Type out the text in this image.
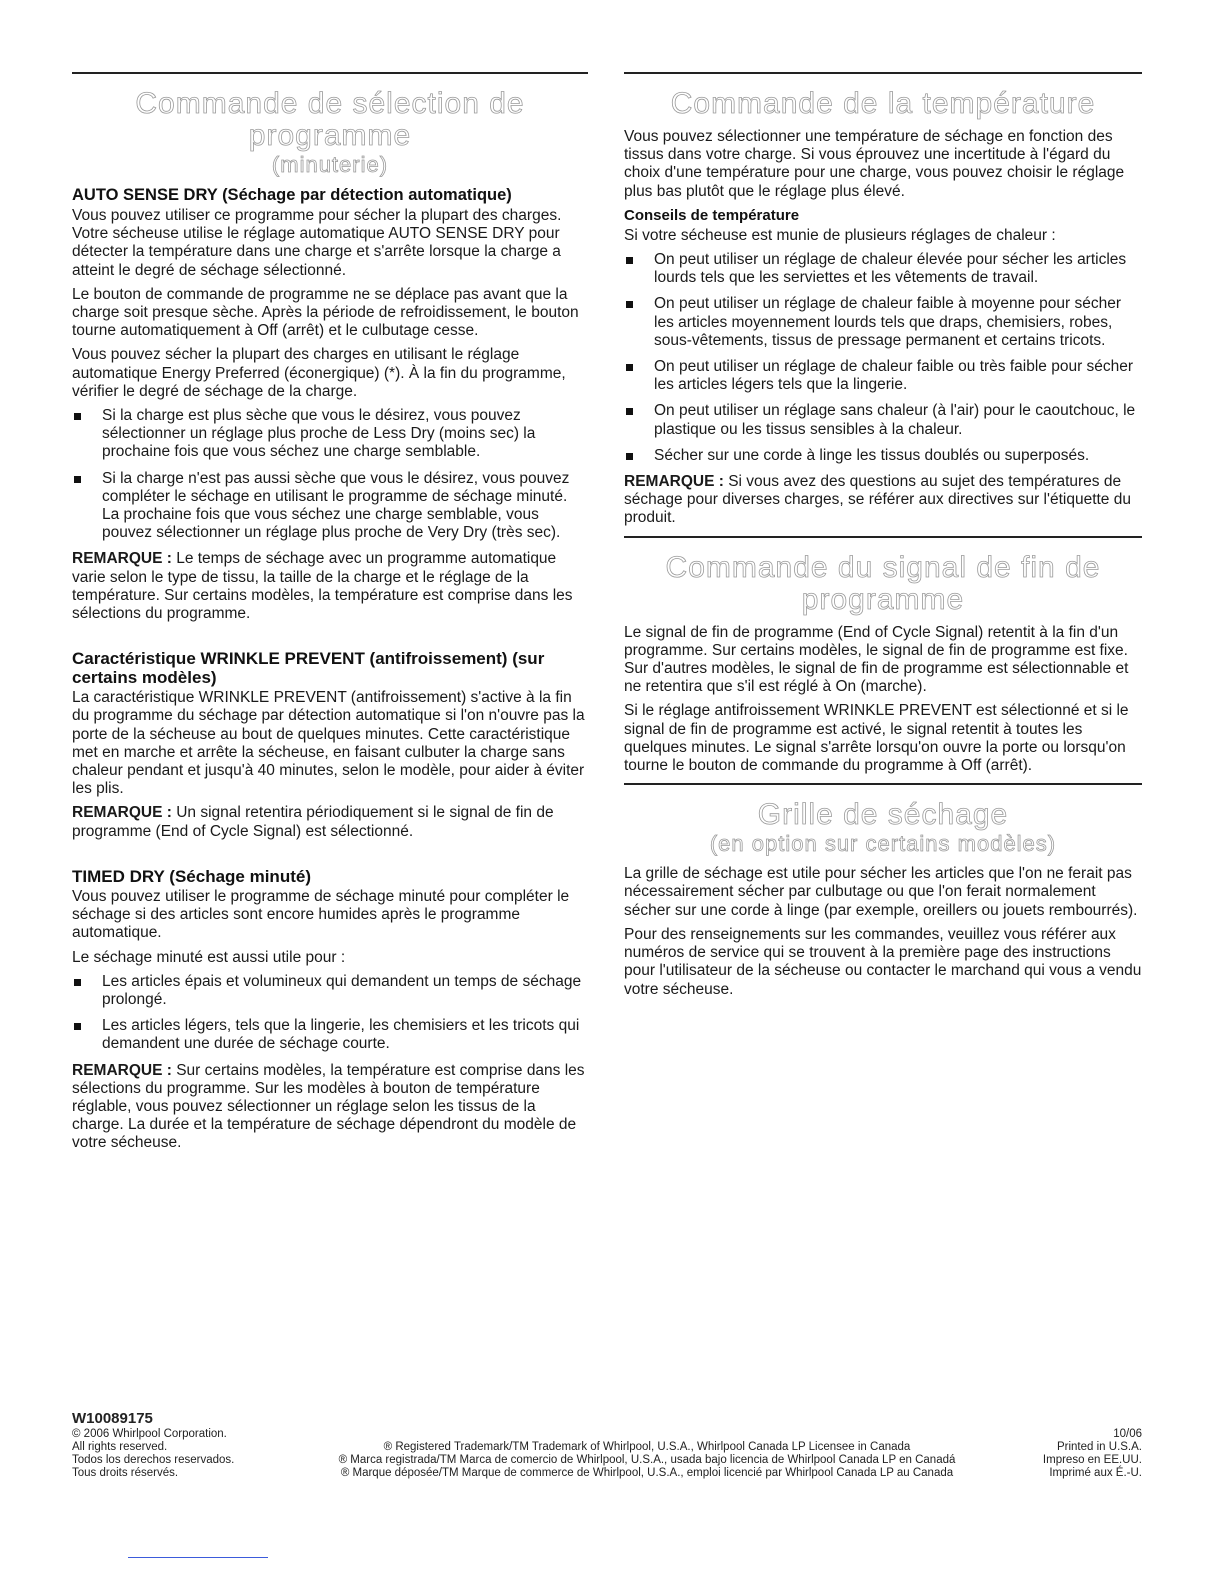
Commande de sélection de programme
(minuterie)
AUTO SENSE DRY (Séchage par détection automatique)

Vous pouvez utiliser ce programme pour sécher la plupart des charges. Votre sécheuse utilise le réglage automatique AUTO SENSE DRY pour détecter la température dans une charge et s'arrête lorsque la charge a atteint le degré de séchage sélectionné.

Le bouton de commande de programme ne se déplace pas avant que la charge soit presque sèche. Après la période de refroidissement, le bouton tourne automatiquement à Off (arrêt) et le culbutage cesse.

Vous pouvez sécher la plupart des charges en utilisant le réglage automatique Energy Preferred (éconergique) (*). À la fin du programme, vérifier le degré de séchage de la charge.

Si la charge est plus sèche que vous le désirez, vous pouvez sélectionner un réglage plus proche de Less Dry (moins sec) la prochaine fois que vous séchez une charge semblable.
Si la charge n'est pas aussi sèche que vous le désirez, vous pouvez compléter le séchage en utilisant le programme de séchage minuté. La prochaine fois que vous séchez une charge semblable, vous pouvez sélectionner un réglage plus proche de Very Dry (très sec).

REMARQUE : Le temps de séchage avec un programme automatique varie selon le type de tissu, la taille de la charge et le réglage de la température. Sur certains modèles, la température est comprise dans les sélections du programme.

Caractéristique WRINKLE PREVENT (antifroissement) (sur certains modèles)

La caractéristique WRINKLE PREVENT (antifroissement) s'active à la fin du programme du séchage par détection automatique si l'on n'ouvre pas la porte de la sécheuse au bout de quelques minutes. Cette caractéristique met en marche et arrête la sécheuse, en faisant culbuter la charge sans chaleur pendant et jusqu'à 40 minutes, selon le modèle, pour aider à éviter les plis.

REMARQUE : Un signal retentira périodiquement si le signal de fin de programme (End of Cycle Signal) est sélectionné.

TIMED DRY (Séchage minuté)

Vous pouvez utiliser le programme de séchage minuté pour compléter le séchage si des articles sont encore humides après le programme automatique.

Le séchage minuté est aussi utile pour :

Les articles épais et volumineux qui demandent un temps de séchage prolongé.
Les articles légers, tels que la lingerie, les chemisiers et les tricots qui demandent une durée de séchage courte.

REMARQUE : Sur certains modèles, la température est comprise dans les sélections du programme. Sur les modèles à bouton de température réglable, vous pouvez sélectionner un réglage selon les tissus de la charge. La durée et la température de séchage dépendront du modèle de votre sécheuse.

Commande de la température

Vous pouvez sélectionner une température de séchage en fonction des tissus dans votre charge. Si vous éprouvez une incertitude à l'égard du choix d'une température pour une charge, vous pouvez choisir le réglage plus bas plutôt que le réglage plus élevé.

Conseils de température

Si votre sécheuse est munie de plusieurs réglages de chaleur :

On peut utiliser un réglage de chaleur élevée pour sécher les articles lourds tels que les serviettes et les vêtements de travail.
On peut utiliser un réglage de chaleur faible à moyenne pour sécher les articles moyennement lourds tels que draps, chemisiers, robes, sous-vêtements, tissus de pressage permanent et certains tricots.
On peut utiliser un réglage de chaleur faible ou très faible pour sécher les articles légers tels que la lingerie.
On peut utiliser un réglage sans chaleur (à l'air) pour le caoutchouc, le plastique ou les tissus sensibles à la chaleur.
Sécher sur une corde à linge les tissus doublés ou superposés.

REMARQUE : Si vous avez des questions au sujet des températures de séchage pour diverses charges, se référer aux directives sur l'étiquette du produit.

Commande du signal de fin de
programme

Le signal de fin de programme (End of Cycle Signal) retentit à la fin d'un programme. Sur certains modèles, le signal de fin de programme est fixe. Sur d'autres modèles, le signal de fin de programme est sélectionnable et ne retentira que s'il est réglé à On (marche).

Si le réglage antifroissement WRINKLE PREVENT est sélectionné et si le signal de fin de programme est activé, le signal retentit à toutes les quelques minutes. Le signal s'arrête lorsqu'on ouvre la porte ou lorsqu'on tourne le bouton de commande du programme à Off (arrêt).

Grille de séchage
(en option sur certains modèles)

La grille de séchage est utile pour sécher les articles que l'on ne ferait pas nécessairement sécher par culbutage ou que l'on ferait normalement sécher sur une corde à linge (par exemple, oreillers ou jouets rembourrés).

Pour des renseignements sur les commandes, veuillez vous référer aux numéros de service qui se trouvent à la première page des instructions pour l'utilisateur de la sécheuse ou contacter le marchand qui vous a vendu votre sécheuse.

W10089175
© 2006 Whirlpool Corporation.	10/06
All rights reserved.	® Registered Trademark/TM Trademark of Whirlpool, U.S.A., Whirlpool Canada LP Licensee in Canada	Printed in U.S.A.
Todos los derechos reservados.	® Marca registrada/TM Marca de comercio de Whirlpool, U.S.A., usada bajo licencia de Whirlpool Canada LP en Canadá	Impreso en EE.UU.
Tous droits réservés.	® Marque déposée/TM Marque de commerce de Whirlpool, U.S.A., emploi licencié par Whirlpool Canada LP au Canada	Imprimé aux É.-U.
